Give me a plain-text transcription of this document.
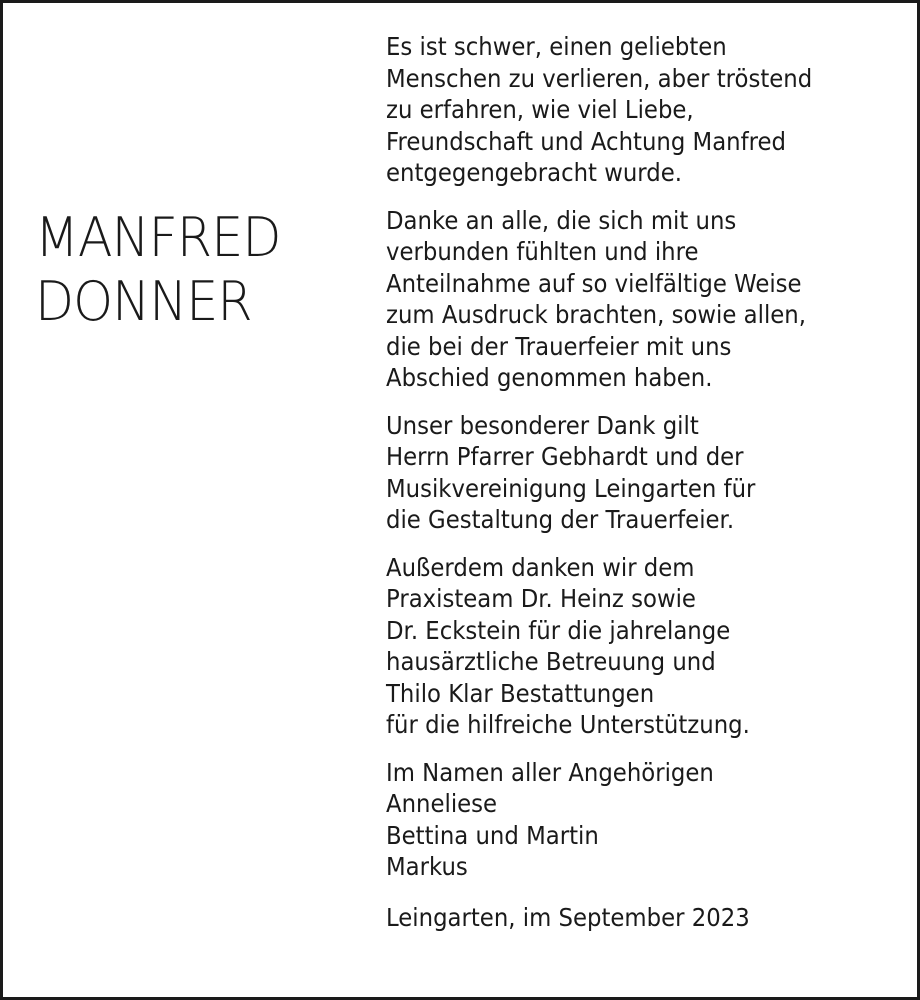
MANFRED
DONNER
Es ist schwer, einen geliebten
Menschen zu verlieren, aber tröstend
zu erfahren, wie viel Liebe,
Freundschaft und Achtung Manfred
entgegengebracht wurde.
Danke an alle, die sich mit uns
verbunden fühlten und ihre
Anteilnahme auf so vielfältige Weise
zum Ausdruck brachten, sowie allen,
die bei der Trauerfeier mit uns
Abschied genommen haben.
Unser besonderer Dank gilt
Herrn Pfarrer Gebhardt und der
Musikvereinigung Leingarten für
die Gestaltung der Trauerfeier.
Außerdem danken wir dem
Praxisteam Dr. Heinz sowie
Dr. Eckstein für die jahrelange
hausärztliche Betreuung und
Thilo Klar Bestattungen
für die hilfreiche Unterstützung.
Im Namen aller Angehörigen
Anneliese
Bettina und Martin
Markus
Leingarten, im September 2023
